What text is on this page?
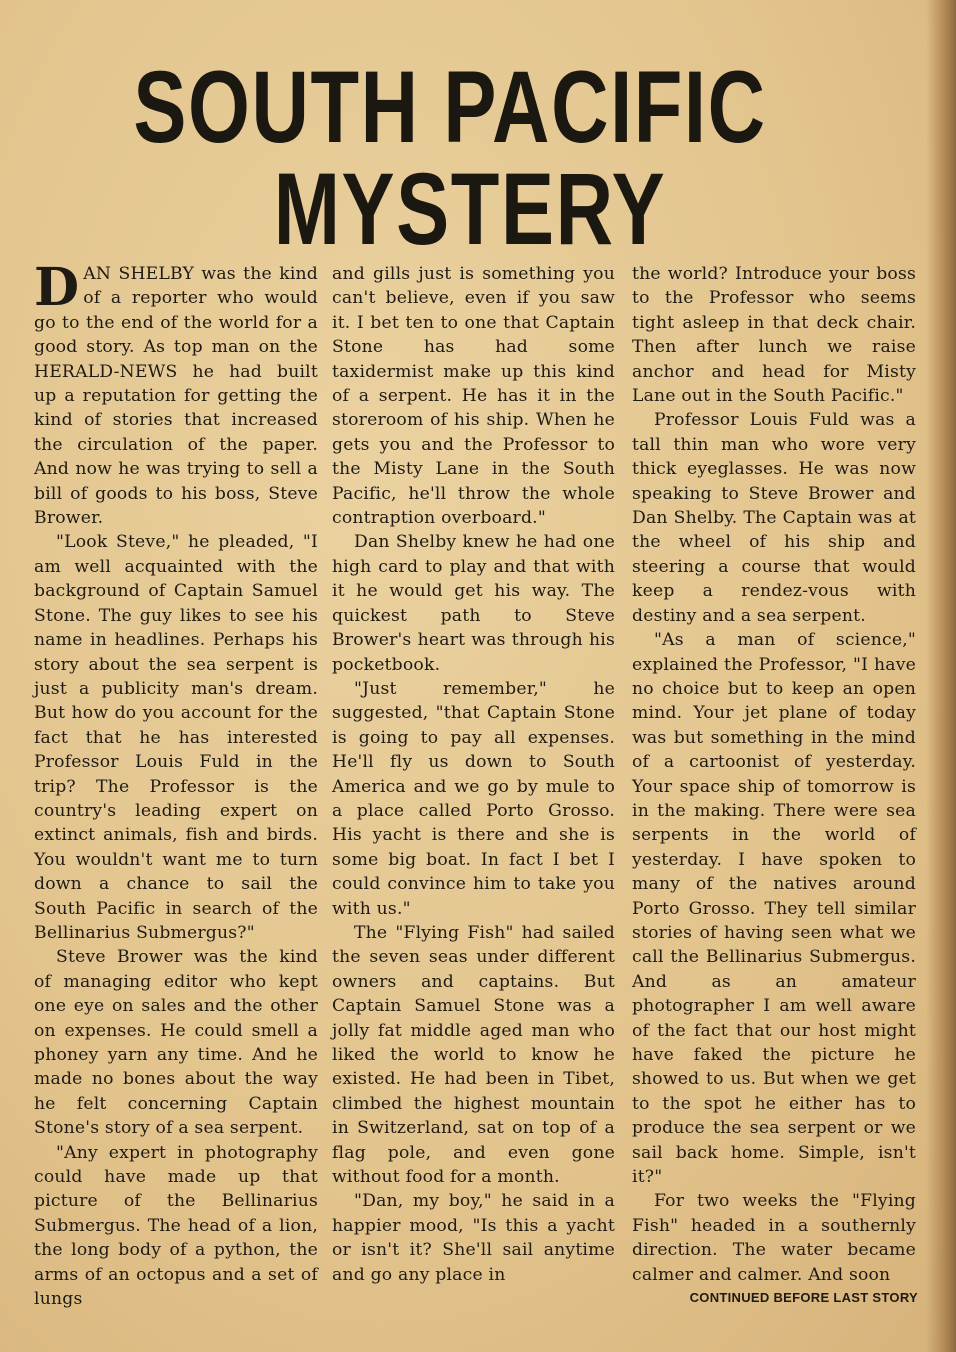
SOUTH PACIFIC
MYSTERY

DAN SHELBY was the kind of a reporter who would go to the end of the world for a good story. As top man on the HERALD-NEWS he had built up a reputation for getting the kind of stories that increased the circulation of the paper. And now he was trying to sell a bill of goods to his boss, Steve Brower.

"Look Steve," he pleaded, "I am well acquainted with the background of Captain Samuel Stone. The guy likes to see his name in headlines. Perhaps his story about the sea serpent is just a publicity man's dream. But how do you account for the fact that he has interested Professor Louis Fuld in the trip? The Professor is the country's leading expert on extinct animals, fish and birds. You wouldn't want me to turn down a chance to sail the South Pacific in search of the Bellinarius Submergus?"

Steve Brower was the kind of managing editor who kept one eye on sales and the other on expenses. He could smell a phoney yarn any time. And he made no bones about the way he felt concerning Captain Stone's story of a sea serpent.

"Any expert in photography could have made up that picture of the Bellinarius Submergus. The head of a lion, the long body of a python, the arms of an octopus and a set of lungs

and gills just is something you can't believe, even if you saw it. I bet ten to one that Captain Stone has had some taxidermist make up this kind of a serpent. He has it in the storeroom of his ship. When he gets you and the Professor to the Misty Lane in the South Pacific, he'll throw the whole contraption overboard."

Dan Shelby knew he had one high card to play and that with it he would get his way. The quickest path to Steve Brower's heart was through his pocketbook.

"Just remember," he suggested, "that Captain Stone is going to pay all expenses. He'll fly us down to South America and we go by mule to a place called Porto Grosso. His yacht is there and she is some big boat. In fact I bet I could convince him to take you with us."

The "Flying Fish" had sailed the seven seas under different owners and captains. But Captain Samuel Stone was a jolly fat middle aged man who liked the world to know he existed. He had been in Tibet, climbed the highest mountain in Switzerland, sat on top of a flag pole, and even gone without food for a month.

"Dan, my boy," he said in a happier mood, "Is this a yacht or isn't it? She'll sail anytime and go any place in

the world? Introduce your boss to the Professor who seems tight asleep in that deck chair. Then after lunch we raise anchor and head for Misty Lane out in the South Pacific."

Professor Louis Fuld was a tall thin man who wore very thick eyeglasses. He was now speaking to Steve Brower and Dan Shelby. The Captain was at the wheel of his ship and steering a course that would keep a rendez-vous with destiny and a sea serpent.

"As a man of science," explained the Professor, "I have no choice but to keep an open mind. Your jet plane of today was but something in the mind of a cartoonist of yesterday. Your space ship of tomorrow is in the making. There were sea serpents in the world of yesterday. I have spoken to many of the natives around Porto Grosso. They tell similar stories of having seen what we call the Bellinarius Submergus. And as an amateur photographer I am well aware of the fact that our host might have faked the picture he showed to us. But when we get to the spot he either has to produce the sea serpent or we sail back home. Simple, isn't it?"

For two weeks the "Flying Fish" headed in a southernly direction. The water became calmer and calmer. And soon

CONTINUED BEFORE LAST STORY
